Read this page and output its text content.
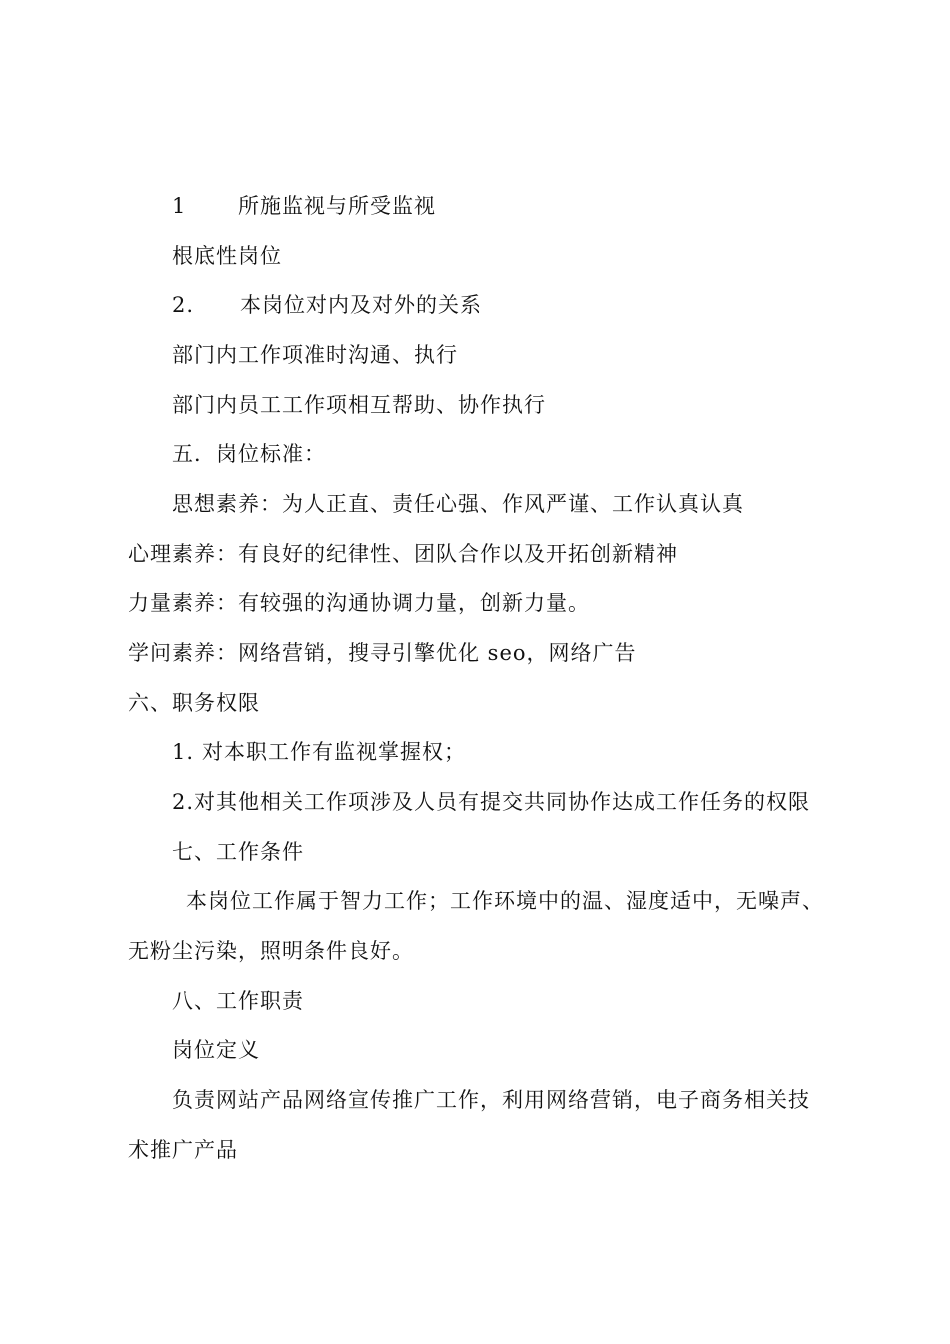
1 所施监视与所受监视
根底性岗位
2. 本岗位对内及对外的关系
部门内工作项准时沟通、执行
部门内员工工作项相互帮助、协作执行
五．岗位标准：
思想素养：为人正直、责任心强、作风严谨、工作认真认真
心理素养：有良好的纪律性、团队合作以及开拓创新精神
力量素养：有较强的沟通协调力量，创新力量。
学问素养：网络营销，搜寻引擎优化 seo，网络广告
六、职务权限
1. 对本职工作有监视掌握权；
2.对其他相关工作项涉及人员有提交共同协作达成工作任务的权限
七、工作条件
本岗位工作属于智力工作；工作环境中的温、湿度适中，无噪声、
无粉尘污染，照明条件良好。
八、工作职责
岗位定义
负责网站产品网络宣传推广工作，利用网络营销，电子商务相关技
术推广产品
